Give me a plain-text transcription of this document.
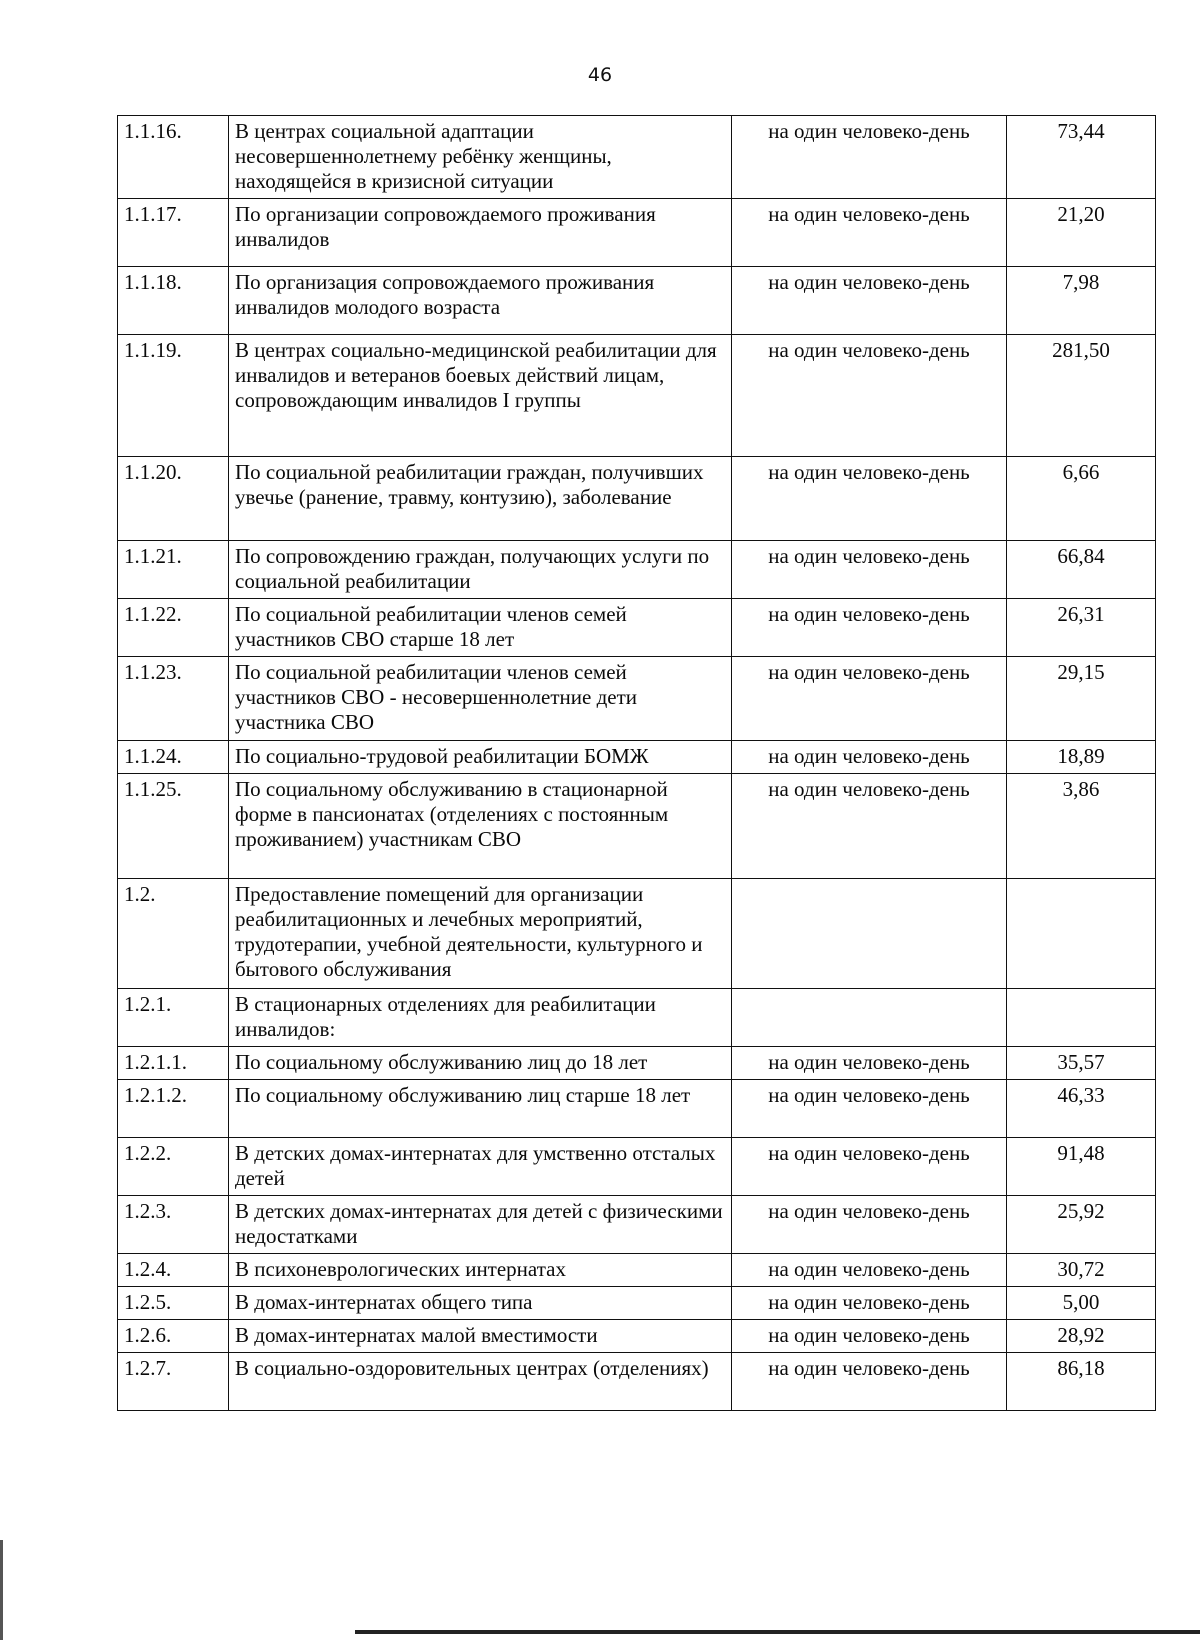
46
1.1.16.	В центрах социальной адаптации несовершеннолетнему ребёнку женщины, находящейся в кризисной ситуации	на один человеко-день	73,44
1.1.17.	По организации сопровождаемого проживания инвалидов	на один человеко-день	21,20
1.1.18.	По организация сопровождаемого проживания инвалидов молодого возраста	на один человеко-день	7,98
1.1.19.	В центрах социально-медицинской реабилитации для инвалидов и ветеранов боевых действий лицам, сопровождающим инвалидов I группы	на один человеко-день	281,50
1.1.20.	По социальной реабилитации граждан, получивших увечье (ранение, травму, контузию), заболевание	на один человеко-день	6,66
1.1.21.	По сопровождению граждан, получающих услуги по социальной реабилитации	на один человеко-день	66,84
1.1.22.	По социальной реабилитации членов семей участников СВО старше 18 лет	на один человеко-день	26,31
1.1.23.	По социальной реабилитации членов семей участников СВО - несовершеннолетние дети участника СВО	на один человеко-день	29,15
1.1.24.	По социально-трудовой реабилитации БОМЖ	на один человеко-день	18,89
1.1.25.	По социальному обслуживанию в стационарной форме в пансионатах (отделениях с постоянным проживанием) участникам СВО	на один человеко-день	3,86
1.2.	Предоставление помещений для организации реабилитационных и лечебных мероприятий, трудотерапии, учебной деятельности, культурного и бытового обслуживания		
1.2.1.	В стационарных отделениях для реабилитации инвалидов:		
1.2.1.1.	По социальному обслуживанию лиц до 18 лет	на один человеко-день	35,57
1.2.1.2.	По социальному обслуживанию лиц старше 18 лет	на один человеко-день	46,33
1.2.2.	В детских домах-интернатах для умственно отсталых детей	на один человеко-день	91,48
1.2.3.	В детских домах-интернатах для детей с физическими недостатками	на один человеко-день	25,92
1.2.4.	В психоневрологических интернатах	на один человеко-день	30,72
1.2.5.	В домах-интернатах общего типа	на один человеко-день	5,00
1.2.6.	В домах-интернатах малой вместимости	на один человеко-день	28,92
1.2.7.	В социально-оздоровительных центрах (отделениях)	на один человеко-день	86,18
